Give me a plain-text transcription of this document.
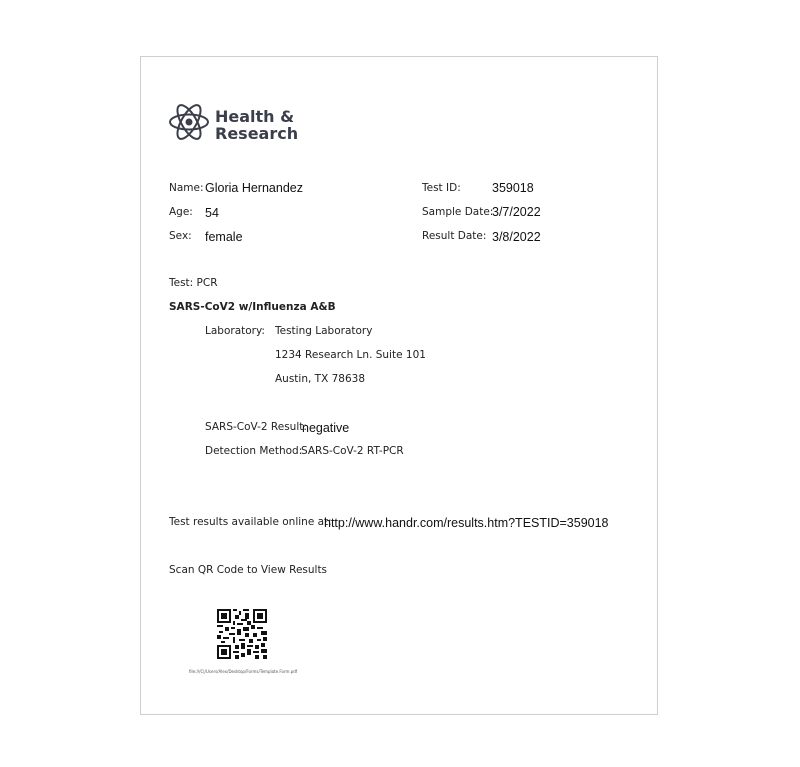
Health &
Research
Name: Gloria Hernandez
Age: 54
Sex: female
Test ID:	359018
Sample Date:
3/7/2022
Result Date: 3/8/2022
Test: PCR
SARS-CoV2 w/Influenza A&B
Laboratory: Testing Laboratory
1234 Research Ln. Suite 101
Austin, TX 78638
SARS-CoV-2 Result:
negative
Detection Method:
SARS-CoV-2 RT-PCR
Test results available online at:
http://www.handr.com/results.htm?TESTID=359018
Scan QR Code to View Results
file:///C|/Users/Alex/Desktop/Forms/Template.Form.pdf
